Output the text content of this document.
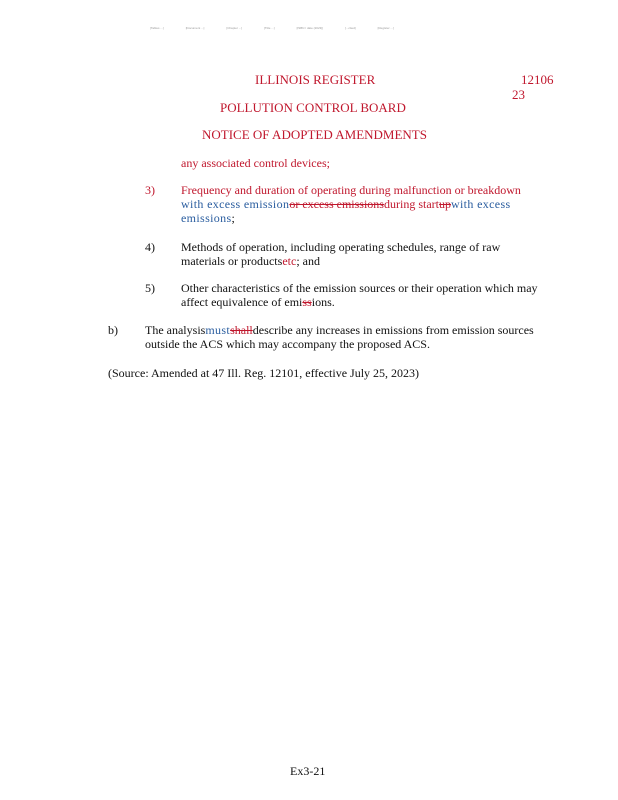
[Tables ...]	[Document ...]	[Chapter ...]	[Title ...]	[ISBN / date (2023)]	[...cited]	[Register ...]
ILLINOIS REGISTER	12106
23
POLLUTION CONTROL BOARD
NOTICE OF ADOPTED AMENDMENTS
any associated control devices;
3) Frequency and duration of operating during malfunction or breakdown
with excess emissionor excess emissionsduring startupwith excess
emissions;
4) Methods of operation, including operating schedules, range of raw
materials or productsetc; and
5) Other characteristics of the emission sources or their operation which may
affect equivalence of emissions.
b) The analysismustshalldescribe any increases in emissions from emission sources
outside the ACS which may accompany the proposed ACS.
(Source: Amended at 47 Ill. Reg. 12101, effective July 25, 2023)
Ex3-21
